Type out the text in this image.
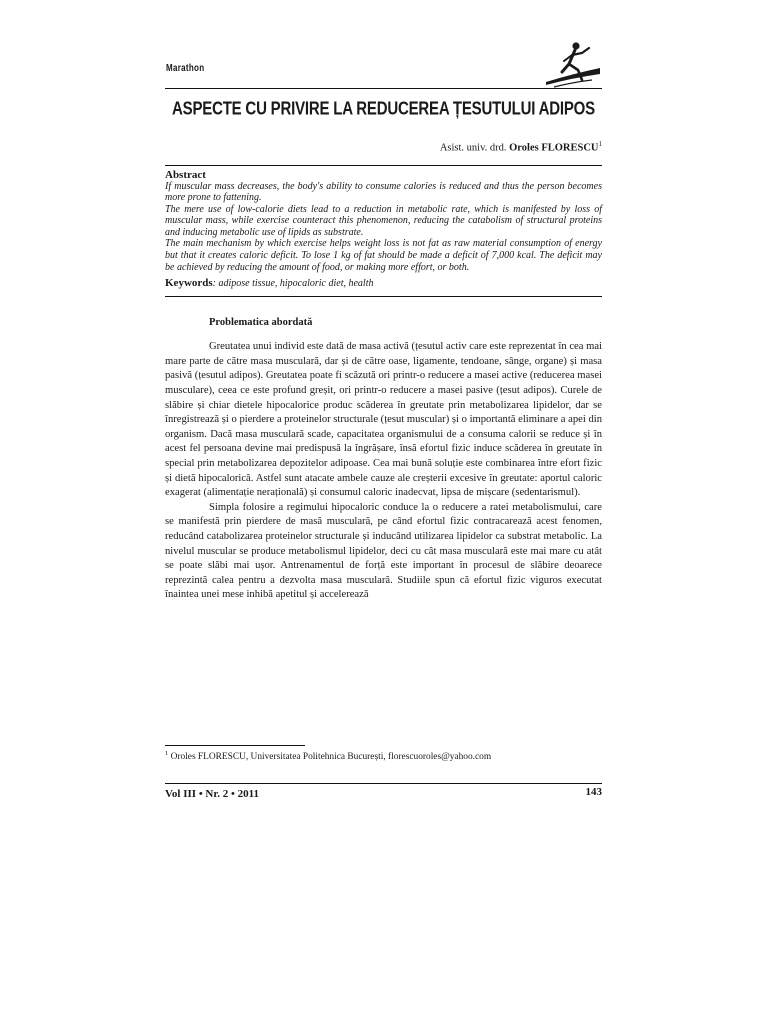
Marathon
ASPECTE CU PRIVIRE LA REDUCEREA ȚESUTULUI ADIPOS
Asist. univ. drd. Oroles FLORESCU$^1$
Abstract

If muscular mass decreases, the body's ability to consume calories is reduced and thus the person becomes more prone to fattening.

The mere use of low-calorie diets lead to a reduction in metabolic rate, which is manifested by loss of muscular mass, while exercise counteract this phenomenon, reducing the catabolism of structural proteins and inducing metabolic use of lipids as substrate.

The main mechanism by which exercise helps weight loss is not fat as raw material consumption of energy but that it creates caloric deficit. To lose 1 kg of fat should be made a deficit of 7,000 kcal. The deficit may be achieved by reducing the amount of food, or making more effort, or both.

Keywords: adipose tissue, hipocaloric diet, health
Problematica abordată

Greutatea unui individ este dată de masa activă (țesutul activ care este reprezentat în cea mai mare parte de către masa musculară, dar și de către oase, ligamente, tendoane, sânge, organe) și masa pasivă (țesutul adipos). Greutatea poate fi scăzută ori printr-o reducere a masei active (reducerea masei musculare), ceea ce este profund greșit, ori printr-o reducere a masei pasive (țesut adipos). Curele de slăbire și chiar dietele hipocalorice produc scăderea în greutate prin metabolizarea lipidelor, dar se înregistrează și o pierdere a proteinelor structurale (țesut muscular) și o importantă eliminare a apei din organism. Dacă masa musculară scade, capacitatea organismului de a consuma calorii se reduce și în acest fel persoana devine mai predispusă la îngrășare, însă efortul fizic induce scăderea în greutate în special prin metabolizarea depozitelor adipoase. Cea mai bună soluție este combinarea între efort fizic și dietă hipocalorică. Astfel sunt atacate ambele cauze ale creșterii excesive în greutate: aportul caloric exagerat (alimentație nerațională) și consumul caloric inadecvat, lipsa de mișcare (sedentarismul).

Simpla folosire a regimului hipocaloric conduce la o reducere a ratei metabolismului, care se manifestă prin pierdere de masă musculară, pe când efortul fizic contracarează acest fenomen, reducând catabolizarea proteinelor structurale și inducând utilizarea lipidelor ca substrat metabolic. La nivelul muscular se produce metabolismul lipidelor, deci cu cât masa musculară este mai mare cu atât se poate slăbi mai ușor. Antrenamentul de forță este important în procesul de slăbire deoarece reprezintă calea pentru a dezvolta masa musculară. Studiile spun că efortul fizic viguros executat înaintea unei mese inhibă apetitul și accelerează

$^1$ Oroles FLORESCU, Universitatea Politehnica București, florescuoroles@yahoo.com
Vol III • Nr. 2 • 2011	143
